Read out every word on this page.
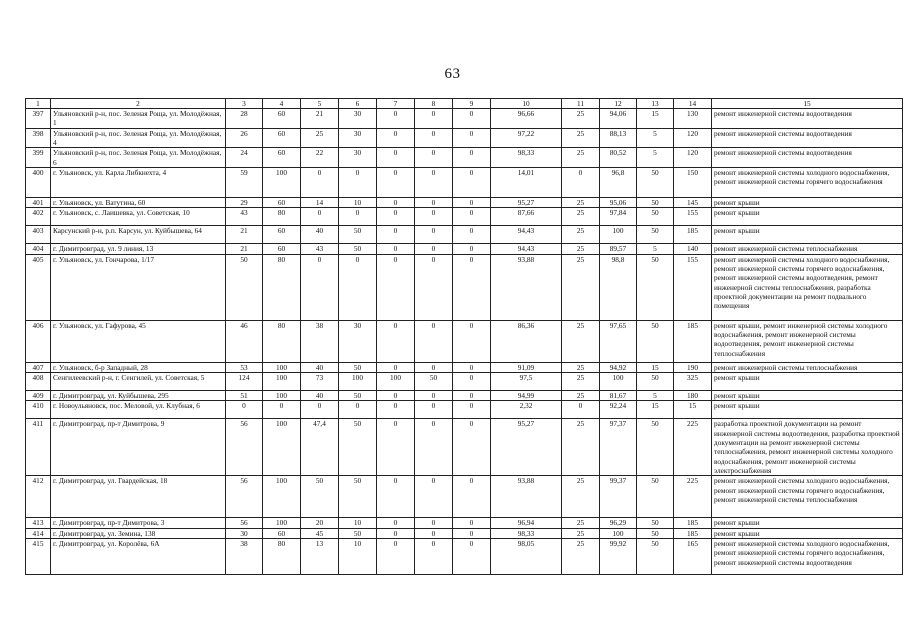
63
1	2	3	4	5	6	7	8	9	10	11	12	13	14	15
397	Ульяновский р-н, пос. Зеленая Роща, ул. Молодёжная, 1	28	60	21	30	0	0	0	96,66	25	94,06	15	130	ремонт инженерной системы водоотведения
398	Ульяновский р-н, пос. Зеленая Роща, ул. Молодёжная, 4	26	60	25	30	0	0	0	97,22	25	88,13	5	120	ремонт инженерной системы водоотведения
399	Ульяновский р-н, пос. Зеленая Роща, ул. Молодёжная, 6	24	60	22	30	0	0	0	98,33	25	80,52	5	120	ремонт инженерной системы водоотведения
400	г. Ульяновск, ул. Карла Либкнехта, 4	59	100	0	0	0	0	0	14,01	0	96,8	50	150	ремонт инженерной системы холодного водоснабжения, ремонт инженерной системы горячего водоснабжения
401	г. Ульяновск, ул. Ватутина, 60	29	60	14	10	0	0	0	95,27	25	95,06	50	145	ремонт крыши
402	г. Ульяновск, с. Лаишевка, ул. Советская, 10	43	80	0	0	0	0	0	87,66	25	97,84	50	155	ремонт крыши
403	Карсунский р-н, р.п. Карсун, ул. Куйбышева, 64	21	60	40	50	0	0	0	94,43	25	100	50	185	ремонт крыши
404	г. Димитровград, ул. 9 линия, 13	21	60	43	50	0	0	0	94,43	25	89,57	5	140	ремонт инженерной системы теплоснабжения
405	г. Ульяновск, ул. Гончарова, 1/17	50	80	0	0	0	0	0	93,88	25	98,8	50	155	ремонт инженерной системы холодного водоснабжения, ремонт инженерной системы горячего водоснабжения, ремонт инженерной системы водоотведения, ремонт инженерной системы теплоснабжения, разработка проектной документации на ремонт подвального помещения
406	г. Ульяновск, ул. Гафурова, 45	46	80	38	30	0	0	0	86,36	25	97,65	50	185	ремонт крыши, ремонт инженерной системы холодного водоснабжения, ремонт инженерной системы водоотведения, ремонт инженерной системы теплоснабжения
407	г. Ульяновск, б-р Западный, 28	53	100	40	50	0	0	0	91,09	25	94,92	15	190	ремонт инженерной системы теплоснабжения
408	Сенгилеевский р-н, г. Сенгилей, ул. Советская, 5	124	100	73	100	100	50	0	97,5	25	100	50	325	ремонт крыши
409	г. Димитровград, ул. Куйбышева, 295	51	100	40	50	0	0	0	94,99	25	81,67	5	180	ремонт крыши
410	г. Новоульяновск, пос. Меловой, ул. Клубная, 6	0	0	0	0	0	0	0	2,32	0	92,24	15	15	ремонт крыши
411	г. Димитровград, пр-т Димитрова, 9	56	100	47,4	50	0	0	0	95,27	25	97,37	50	225	разработка проектной документации на ремонт инженерной системы водоотведения, разработка проектной документации на ремонт инженерной системы теплоснабжения, ремонт инженерной системы холодного водоснабжения, ремонт инженерной системы электроснабжения
412	г. Димитровград, ул. Гвардейская, 18	56	100	50	50	0	0	0	93,88	25	99,37	50	225	ремонт инженерной системы холодного водоснабжения, ремонт инженерной системы горячего водоснабжения, ремонт инженерной системы теплоснабжения
413	г. Димитровград, пр-т Димитрова, 3	56	100	20	10	0	0	0	96,94	25	96,29	50	185	ремонт крыши
414	г. Димитровград, ул. Земина, 138	30	60	45	50	0	0	0	98,33	25	100	50	185	ремонт крыши
415	г. Димитровград, ул. Королёва, 6А	38	80	13	10	0	0	0	98,05	25	99,92	50	165	ремонт инженерной системы холодного водоснабжения, ремонт инженерной системы горячего водоснабжения, ремонт инженерной системы водоотведения
